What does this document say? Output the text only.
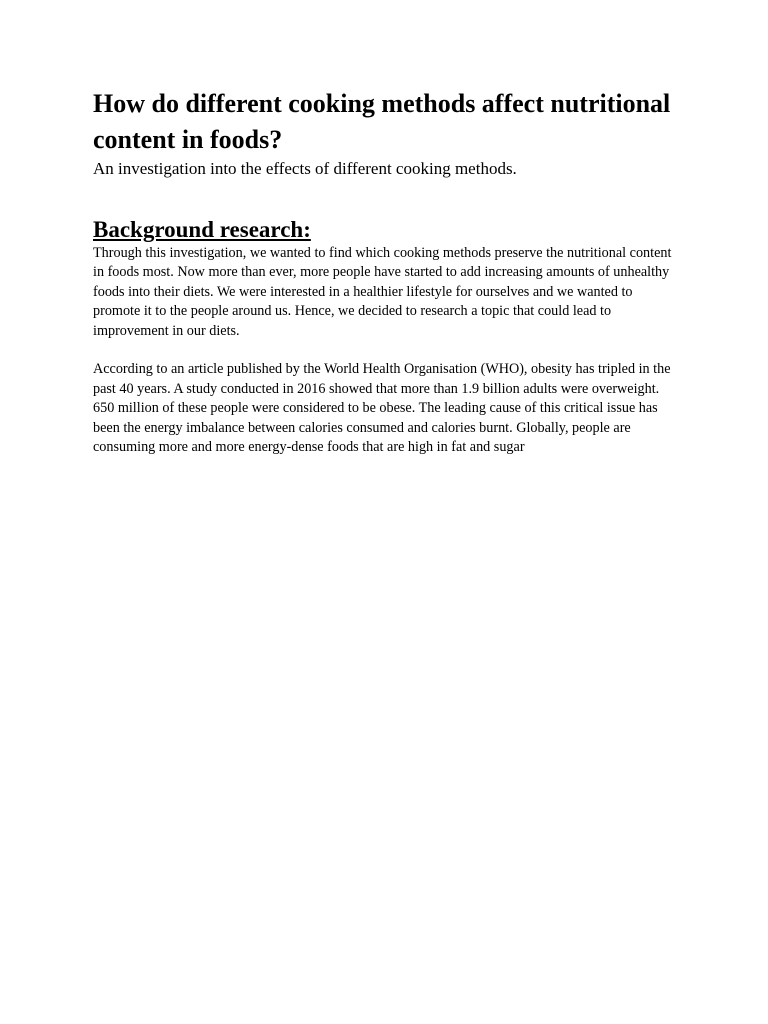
How do different cooking methods affect nutritional content in foods?

An investigation into the effects of different cooking methods.

Background research:

Through this investigation, we wanted to find which cooking methods preserve the nutritional content in foods most. Now more than ever, more people have started to add increasing amounts of unhealthy foods into their diets. We were interested in a healthier lifestyle for ourselves and we wanted to promote it to the people around us. Hence, we decided to research a topic that could lead to improvement in our diets.

According to an article published by the World Health Organisation (WHO), obesity has tripled in the past 40 years. A study conducted in 2016 showed that more than 1.9 billion adults were overweight. 650 million of these people were considered to be obese. The leading cause of this critical issue has been the energy imbalance between calories consumed and calories burnt. Globally, people are consuming more and more energy-dense foods that are high in fat and sugar
